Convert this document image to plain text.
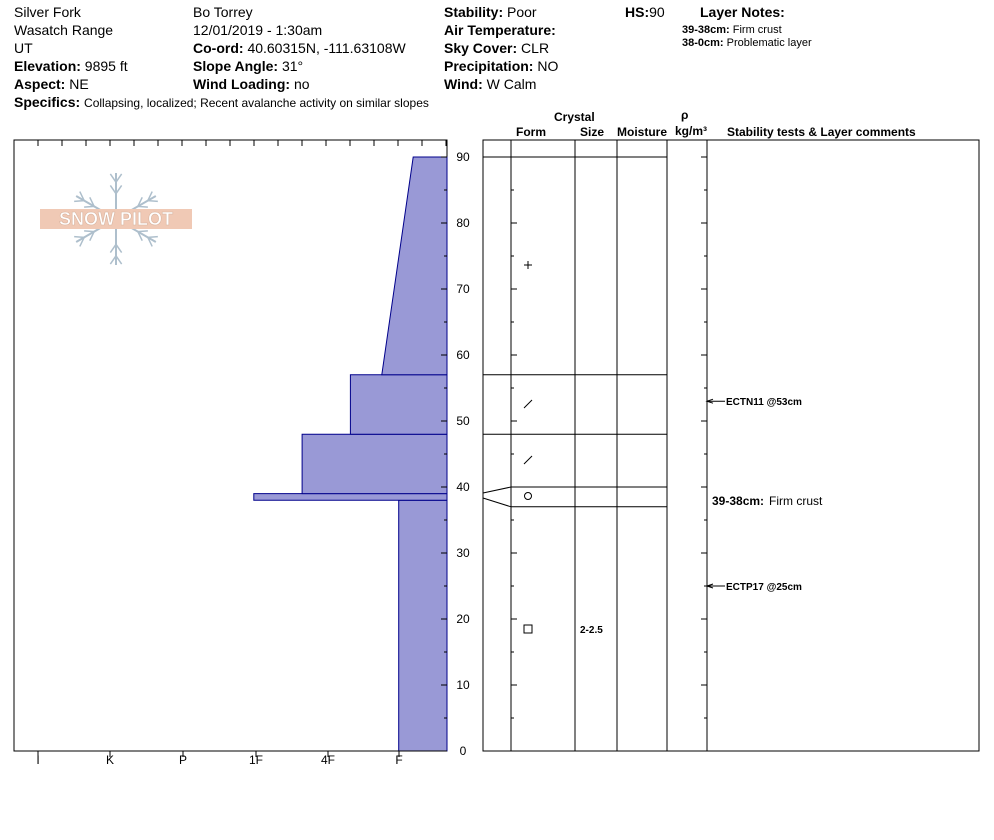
Silver Fork
Wasatch Range
UT
Elevation: 9895 ft
Aspect: NE
Specifics: Collapsing, localized; Recent avalanche activity on similar slopes
Bo Torrey
12/01/2019 - 1:30am
Co-ord: 40.60315N, -111.63108W
Slope Angle: 31°
Wind Loading: no
Stability: Poor
Air Temperature:
Sky Cover: CLR
Precipitation: NO
Wind: W Calm
HS:90	Layer Notes:
39-38cm: Firm crust
38-0cm: Problematic layer
Crystal
Form	Size Moisture
ρ
kg/m³ Stability tests & Layer comments
I	K	P	1F	4F	F
0
10
20
30
40
50
60
70
80
90
2-2.5
ECTN11 @53cm
ECTP17 @25cm
39-38cm: Firm crust
SNOW PILOT
